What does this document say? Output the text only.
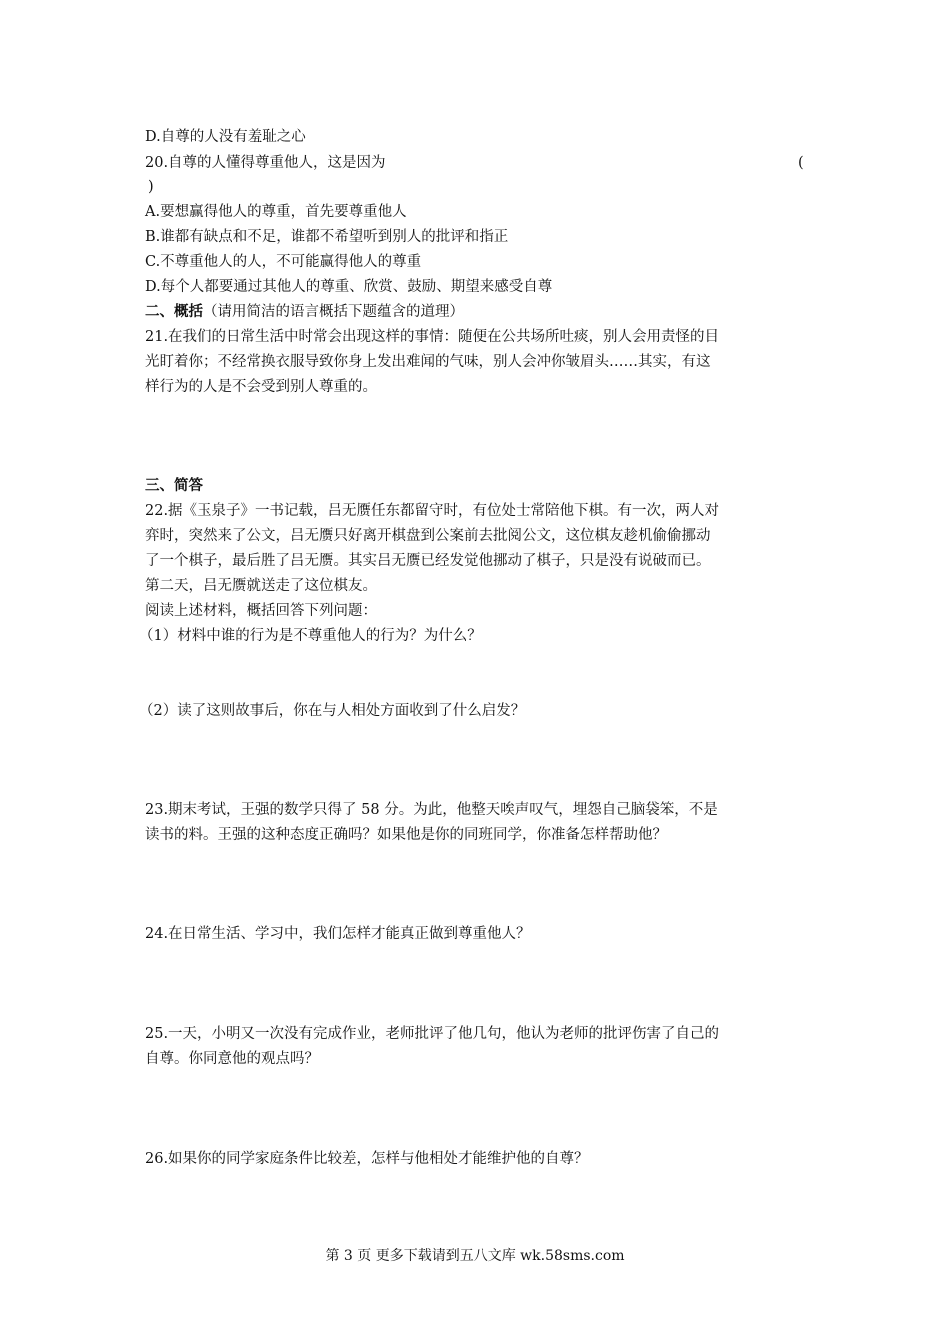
D.自尊的人没有羞耻之心
20.自尊的人懂得尊重他人，这是因为	(
)
A.要想赢得他人的尊重，首先要尊重他人
B.谁都有缺点和不足，谁都不希望听到别人的批评和指正
C.不尊重他人的人，不可能赢得他人的尊重
D.每个人都要通过其他人的尊重、欣赏、鼓励、期望来感受自尊
二、概括（请用简洁的语言概括下题蕴含的道理）
21.在我们的日常生活中时常会出现这样的事情：随便在公共场所吐痰，别人会用责怪的目
光盯着你；不经常换衣服导致你身上发出难闻的气味，别人会冲你皱眉头……其实，有这
样行为的人是不会受到别人尊重的。
三、简答
22.据《玉泉子》一书记载，吕无赝任东都留守时，有位处士常陪他下棋。有一次，两人对
弈时，突然来了公文，吕无赝只好离开棋盘到公案前去批阅公文，这位棋友趁机偷偷挪动
了一个棋子，最后胜了吕无赝。其实吕无赝已经发觉他挪动了棋子，只是没有说破而已。
第二天，吕无赝就送走了这位棋友。
阅读上述材料，概括回答下列问题：
（1）材料中谁的行为是不尊重他人的行为？为什么？
（2）读了这则故事后，你在与人相处方面收到了什么启发？
23.期末考试，王强的数学只得了 58 分。为此，他整天唉声叹气，埋怨自己脑袋笨，不是
读书的料。王强的这种态度正确吗？如果他是你的同班同学，你准备怎样帮助他？
24.在日常生活、学习中，我们怎样才能真正做到尊重他人？
25.一天，小明又一次没有完成作业，老师批评了他几句，他认为老师的批评伤害了自己的
自尊。你同意他的观点吗？
26.如果你的同学家庭条件比较差，怎样与他相处才能维护他的自尊？
第 3 页 更多下载请到五八文库 wk.58sms.com
